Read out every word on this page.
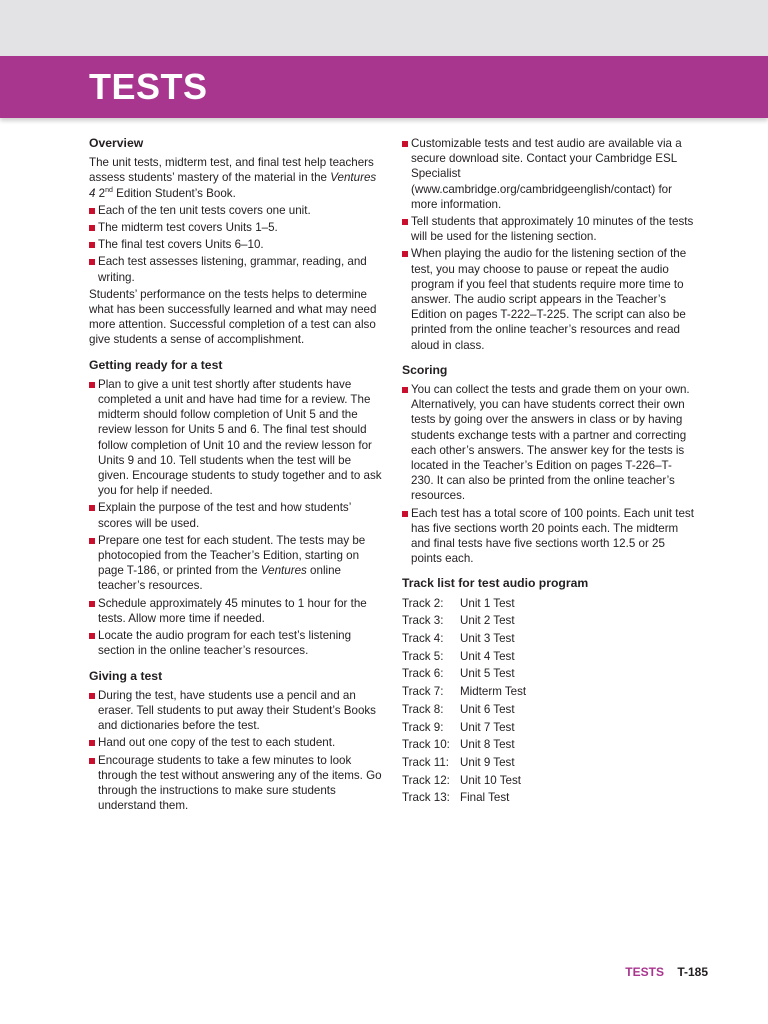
TESTS
Overview

The unit tests, midterm test, and final test help teachers assess students’ mastery of the material in the Ventures 4 2nd Edition Student’s Book.

Each of the ten unit tests covers one unit.
The midterm test covers Units 1–5.
The final test covers Units 6–10.
Each test assesses listening, grammar, reading, and writing.

Students’ performance on the tests helps to determine what has been successfully learned and what may need more attention. Successful completion of a test can also give students a sense of accomplishment.

Getting ready for a test
Plan to give a unit test shortly after students have completed a unit and have had time for a review. The midterm should follow completion of Unit 5 and the review lesson for Units 5 and 6. The final test should follow completion of Unit 10 and the review lesson for Units 9 and 10. Tell students when the test will be given. Encourage students to study together and to ask you for help if needed.
Explain the purpose of the test and how students’ scores will be used.
Prepare one test for each student. The tests may be photocopied from the Teacher’s Edition, starting on page T-186, or printed from the Ventures online teacher’s resources.
Schedule approximately 45 minutes to 1 hour for the tests. Allow more time if needed.
Locate the audio program for each test’s listening section in the online teacher’s resources.
Giving a test
During the test, have students use a pencil and an eraser. Tell students to put away their Student’s Books and dictionaries before the test.
Hand out one copy of the test to each student.
Encourage students to take a few minutes to look through the test without answering any of the items. Go through the instructions to make sure students understand them.
Customizable tests and test audio are available via a secure download site. Contact your Cambridge ESL Specialist (www.cambridge.org/cambridgeenglish/contact) for more information.
Tell students that approximately 10 minutes of the tests will be used for the listening section.
When playing the audio for the listening section of the test, you may choose to pause or repeat the audio program if you feel that students require more time to answer. The audio script appears in the Teacher’s Edition on pages T-222–T-225. The script can also be printed from the online teacher’s resources and read aloud in class.
Scoring
You can collect the tests and grade them on your own. Alternatively, you can have students correct their own tests by going over the answers in class or by having students exchange tests with a partner and correcting each other’s answers. The answer key for the tests is located in the Teacher’s Edition on pages T-226–T-230. It can also be printed from the online teacher’s resources.
Each test has a total score of 100 points. Each unit test has five sections worth 20 points each. The midterm and final tests have five sections worth 12.5 or 25 points each.
Track list for test audio program
Track 2:	Unit 1 Test
Track 3:	Unit 2 Test
Track 4:	Unit 3 Test
Track 5:	Unit 4 Test
Track 6:	Unit 5 Test
Track 7:	Midterm Test
Track 8:	Unit 6 Test
Track 9:	Unit 7 Test
Track 10:	Unit 8 Test
Track 11:	Unit 9 Test
Track 12:	Unit 10 Test
Track 13:	Final Test
TESTS T-185
